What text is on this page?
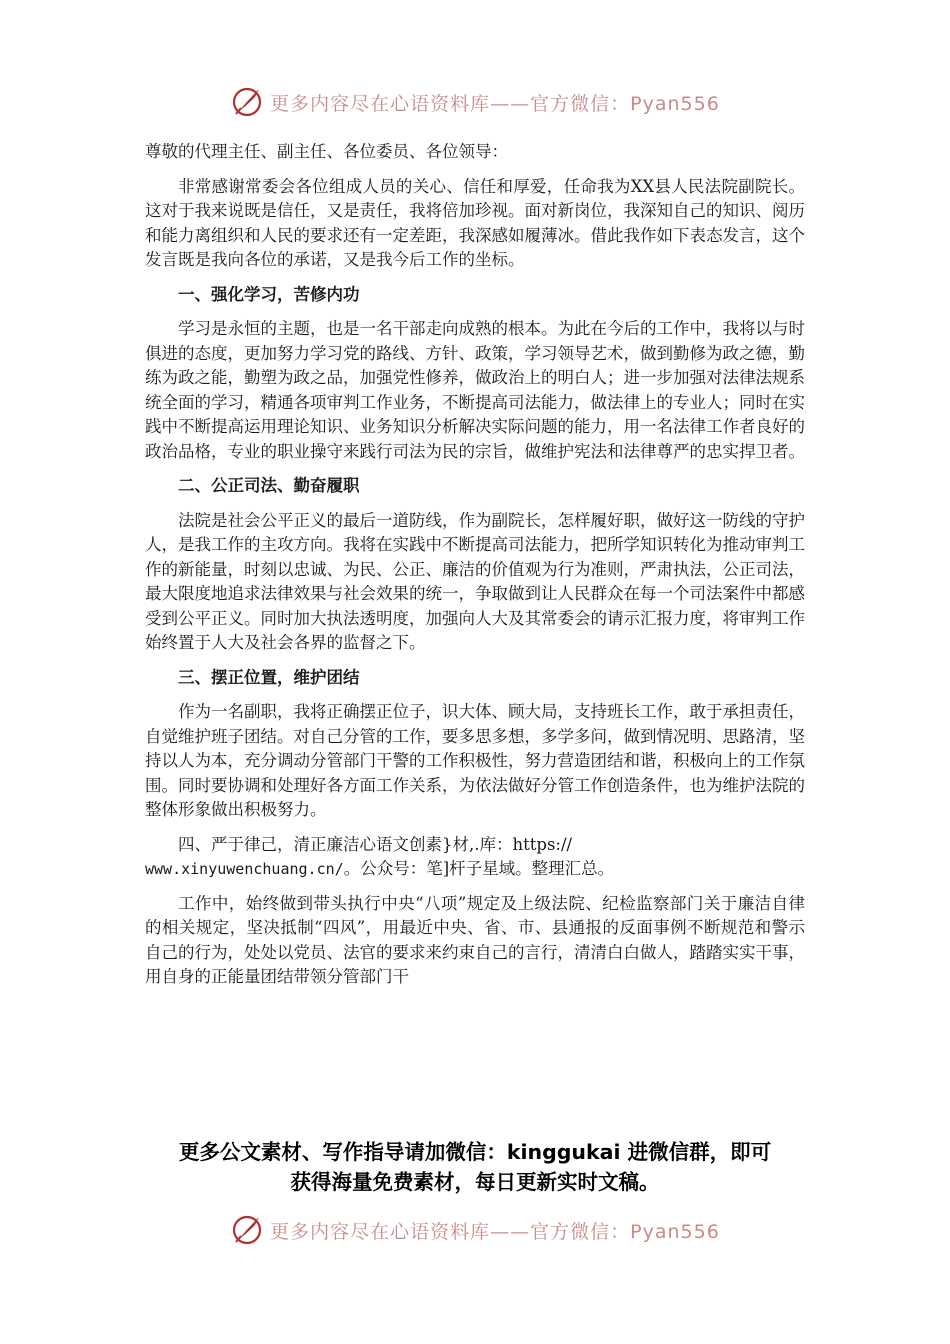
更多内容尽在心语资料库——官方微信：Pyan556

尊敬的代理主任、副主任、各位委员、各位领导：

非常感谢常委会各位组成人员的关心、信任和厚爱，任命我为XX县人民法院副院长。这对于我来说既是信任，又是责任，我将倍加珍视。面对新岗位，我深知自己的知识、阅历和能力离组织和人民的要求还有一定差距，我深感如履薄冰。借此我作如下表态发言，这个发言既是我向各位的承诺，又是我今后工作的坐标。

一、强化学习，苦修内功

学习是永恒的主题，也是一名干部走向成熟的根本。为此在今后的工作中，我将以与时俱进的态度，更加努力学习党的路线、方针、政策，学习领导艺术，做到勤修为政之德，勤练为政之能，勤塑为政之品，加强党性修养，做政治上的明白人；进一步加强对法律法规系统全面的学习，精通各项审判工作业务，不断提高司法能力，做法律上的专业人；同时在实践中不断提高运用理论知识、业务知识分析解决实际问题的能力，用一名法律工作者良好的政治品格，专业的职业操守来践行司法为民的宗旨，做维护宪法和法律尊严的忠实捍卫者。

二、公正司法、勤奋履职

法院是社会公平正义的最后一道防线，作为副院长，怎样履好职，做好这一防线的守护人，是我工作的主攻方向。我将在实践中不断提高司法能力，把所学知识转化为推动审判工作的新能量，时刻以忠诚、为民、公正、廉洁的价值观为行为准则，严肃执法，公正司法，最大限度地追求法律效果与社会效果的统一，争取做到让人民群众在每一个司法案件中都感受到公平正义。同时加大执法透明度，加强向人大及其常委会的请示汇报力度，将审判工作始终置于人大及社会各界的监督之下。

三、摆正位置，维护团结

作为一名副职，我将正确摆正位子，识大体、顾大局，支持班长工作，敢于承担责任，自觉维护班子团结。对自己分管的工作，要多思多想，多学多问，做到情况明、思路清，坚持以人为本，充分调动分管部门干警的工作积极性，努力营造团结和谐，积极向上的工作氛围。同时要协调和处理好各方面工作关系，为依法做好分管工作创造条件，也为维护法院的整体形象做出积极努力。

四、严于律己，清正廉洁心语文创素}材,.库：https://
www.xinyuwenchuang.cn/。公众号：笔]杆子星域。整理汇总。

工作中，始终做到带头执行中央“八项”规定及上级法院、纪检监察部门关于廉洁自律的相关规定，坚决抵制“四风”，用最近中央、省、市、县通报的反面事例不断规范和警示自己的行为，处处以党员、法官的要求来约束自己的言行，清清白白做人，踏踏实实干事，用自身的正能量团结带领分管部门干

更多公文素材、写作指导请加微信：kinggukai 进微信群，即可
获得海量免费素材，每日更新实时文稿。
更多内容尽在心语资料库——官方微信：Pyan556
